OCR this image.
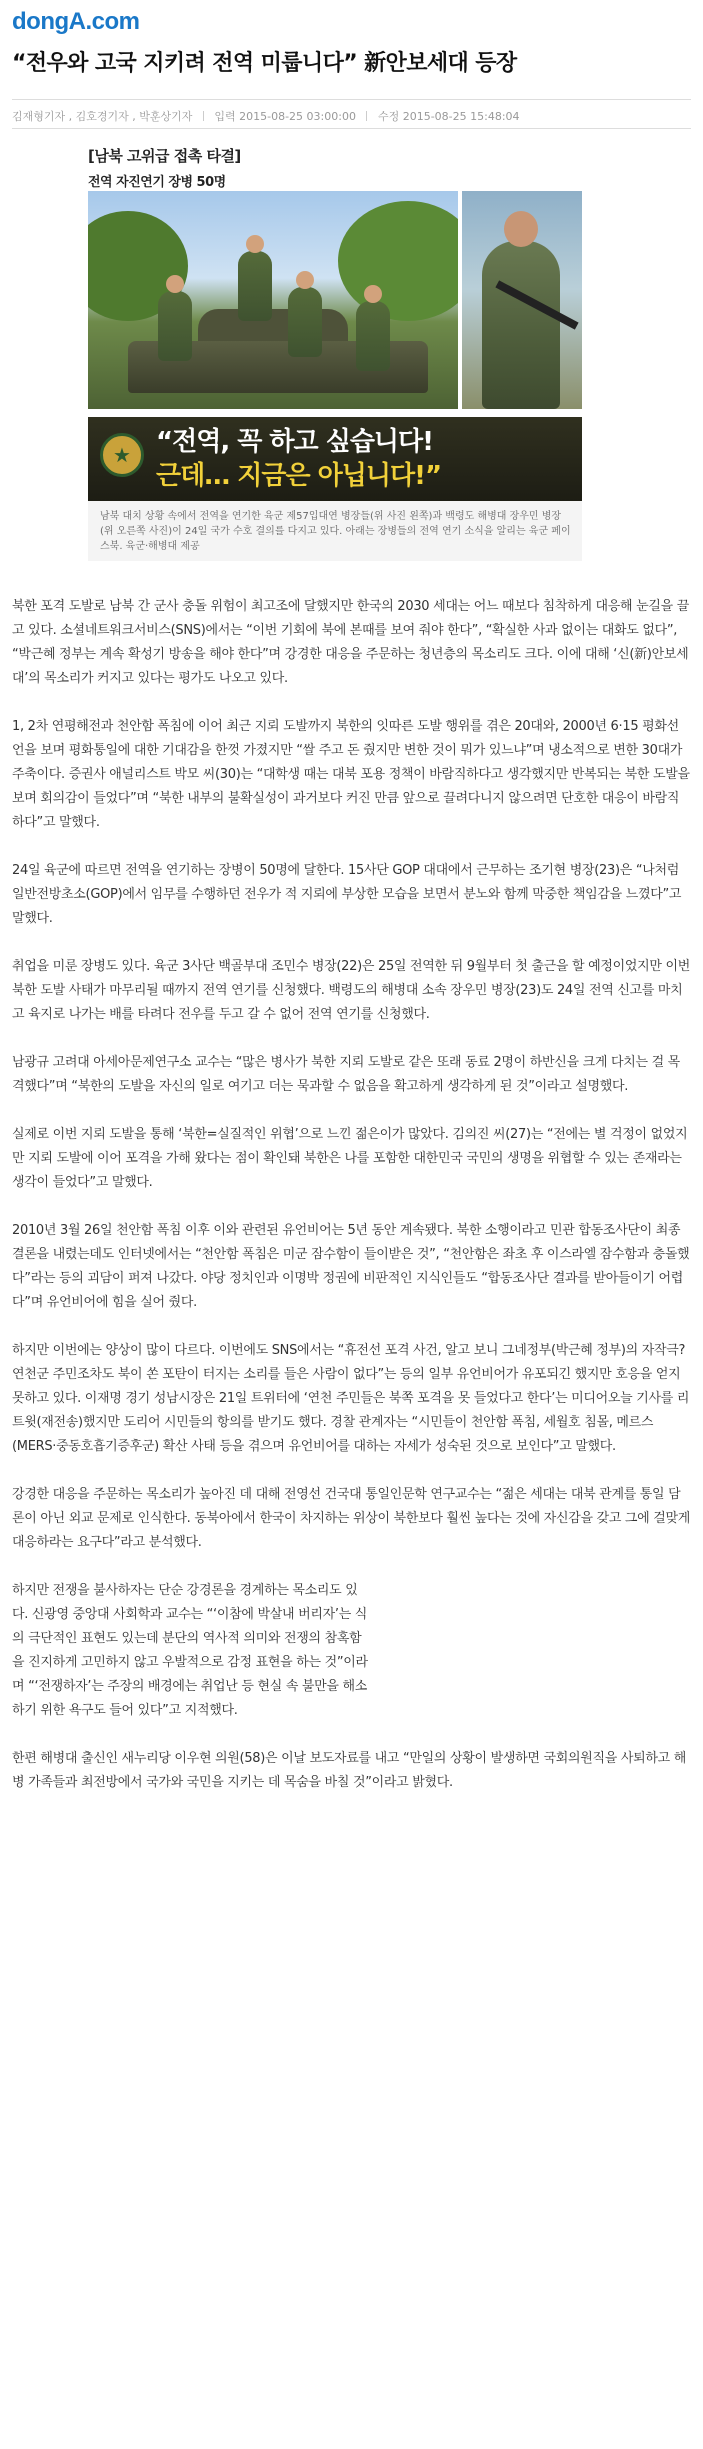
dongA.com
“전우와 고국 지키려 전역 미룹니다” 新안보세대 등장
김재형기자 , 김호경기자 , 박훈상기자 입력 2015-08-25 03:00:00 수정 2015-08-25 15:48:04
[남북 고위급 접촉 타결]
전역 자진연기 장병 50명
★ “전역, 꼭 하고 싶습니다!
근데… 지금은 아닙니다!”
남북 대치 상황 속에서 전역을 연기한 육군 제57입대연 병장들(위 사진 왼쪽)과 백령도 해병대 장우민 병장(위 오른쪽 사진)이 24일 국가 수호 결의를 다지고 있다. 아래는 장병들의 전역 연기 소식을 알리는 육군 페이스북. 육군·해병대 제공

북한 포격 도발로 남북 간 군사 충돌 위험이 최고조에 달했지만 한국의 2030 세대는 어느 때보다 침착하게 대응해 눈길을 끌고 있다. 소셜네트워크서비스(SNS)에서는 “이번 기회에 북에 본때를 보여 줘야 한다”, “확실한 사과 없이는 대화도 없다”, “박근혜 정부는 계속 확성기 방송을 해야 한다”며 강경한 대응을 주문하는 청년층의 목소리도 크다. 이에 대해 ‘신(新)안보세대’의 목소리가 커지고 있다는 평가도 나오고 있다.

1, 2차 연평해전과 천안함 폭침에 이어 최근 지뢰 도발까지 북한의 잇따른 도발 행위를 겪은 20대와, 2000년 6·15 평화선언을 보며 평화통일에 대한 기대감을 한껏 가졌지만 “쌀 주고 돈 줬지만 변한 것이 뭐가 있느냐”며 냉소적으로 변한 30대가 주축이다. 증권사 애널리스트 박모 씨(30)는 “대학생 때는 대북 포용 정책이 바람직하다고 생각했지만 반복되는 북한 도발을 보며 회의감이 들었다”며 “북한 내부의 불확실성이 과거보다 커진 만큼 앞으로 끌려다니지 않으려면 단호한 대응이 바람직하다”고 말했다.

24일 육군에 따르면 전역을 연기하는 장병이 50명에 달한다. 15사단 GOP 대대에서 근무하는 조기현 병장(23)은 “나처럼 일반전방초소(GOP)에서 임무를 수행하던 전우가 적 지뢰에 부상한 모습을 보면서 분노와 함께 막중한 책임감을 느꼈다”고 말했다.

취업을 미룬 장병도 있다. 육군 3사단 백골부대 조민수 병장(22)은 25일 전역한 뒤 9월부터 첫 출근을 할 예정이었지만 이번 북한 도발 사태가 마무리될 때까지 전역 연기를 신청했다. 백령도의 해병대 소속 장우민 병장(23)도 24일 전역 신고를 마치고 육지로 나가는 배를 타려다 전우를 두고 갈 수 없어 전역 연기를 신청했다.

남광규 고려대 아세아문제연구소 교수는 “많은 병사가 북한 지뢰 도발로 같은 또래 동료 2명이 하반신을 크게 다치는 걸 목격했다”며 “북한의 도발을 자신의 일로 여기고 더는 묵과할 수 없음을 확고하게 생각하게 된 것”이라고 설명했다.

실제로 이번 지뢰 도발을 통해 ‘북한=실질적인 위협’으로 느낀 젊은이가 많았다. 김의진 씨(27)는 “전에는 별 걱정이 없었지만 지뢰 도발에 이어 포격을 가해 왔다는 점이 확인돼 북한은 나를 포함한 대한민국 국민의 생명을 위협할 수 있는 존재라는 생각이 들었다”고 말했다.

2010년 3월 26일 천안함 폭침 이후 이와 관련된 유언비어는 5년 동안 계속됐다. 북한 소행이라고 민관 합동조사단이 최종 결론을 내렸는데도 인터넷에서는 “천안함 폭침은 미군 잠수함이 들이받은 것”, “천안함은 좌초 후 이스라엘 잠수함과 충돌했다”라는 등의 괴담이 퍼져 나갔다. 야당 정치인과 이명박 정권에 비판적인 지식인들도 “합동조사단 결과를 받아들이기 어렵다”며 유언비어에 힘을 실어 줬다.

하지만 이번에는 양상이 많이 다르다. 이번에도 SNS에서는 “휴전선 포격 사건, 알고 보니 그네정부(박근혜 정부)의 자작극? 연천군 주민조차도 북이 쏜 포탄이 터지는 소리를 들은 사람이 없다”는 등의 일부 유언비어가 유포되긴 했지만 호응을 얻지 못하고 있다. 이재명 경기 성남시장은 21일 트위터에 ‘연천 주민들은 북쪽 포격을 못 들었다고 한다’는 미디어오늘 기사를 리트윗(재전송)했지만 도리어 시민들의 항의를 받기도 했다. 경찰 관계자는 “시민들이 천안함 폭침, 세월호 침몰, 메르스(MERS·중동호흡기증후군) 확산 사태 등을 겪으며 유언비어를 대하는 자세가 성숙된 것으로 보인다”고 말했다.

강경한 대응을 주문하는 목소리가 높아진 데 대해 전영선 건국대 통일인문학 연구교수는 “젊은 세대는 대북 관계를 통일 담론이 아닌 외교 문제로 인식한다. 동북아에서 한국이 차지하는 위상이 북한보다 훨씬 높다는 것에 자신감을 갖고 그에 걸맞게 대응하라는 요구다”라고 분석했다.

하지만 전쟁을 불사하자는 단순 강경론을 경계하는 목소리도 있다. 신광영 중앙대 사회학과 교수는 “‘이참에 박살내 버리자’는 식의 극단적인 표현도 있는데 분단의 역사적 의미와 전쟁의 참혹함을 진지하게 고민하지 않고 우발적으로 감정 표현을 하는 것”이라며 “‘전쟁하자’는 주장의 배경에는 취업난 등 현실 속 불만을 해소하기 위한 욕구도 들어 있다”고 지적했다.

한편 해병대 출신인 새누리당 이우현 의원(58)은 이날 보도자료를 내고 “만일의 상황이 발생하면 국회의원직을 사퇴하고 해병 가족들과 최전방에서 국가와 국민을 지키는 데 목숨을 바칠 것”이라고 밝혔다.
